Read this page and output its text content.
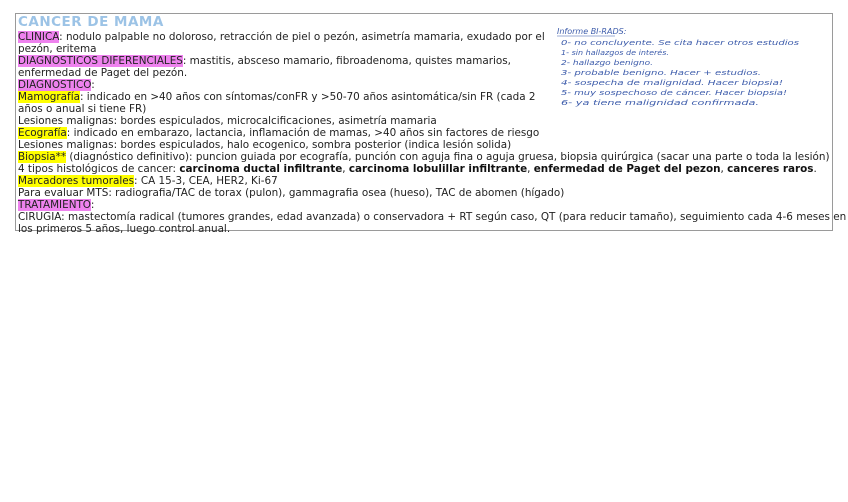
CANCER DE MAMA
CLINICA: nodulo palpable no doloroso, retracción de piel o pezón, asimetría mamaria, exudado por el
pezón, eritema
DIAGNOSTICOS DIFERENCIALES: mastitis, absceso mamario, fibroadenoma, quistes mamarios,
enfermedad de Paget del pezón.
DIAGNOSTICO:
Mamografía: indicado en >40 años con síntomas/conFR y >50-70 años asintomática/sin FR (cada 2
años o anual si tiene FR)
Lesiones malignas: bordes espiculados, microcalcificaciones, asimetría mamaria
Ecografía: indicado en embarazo, lactancia, inflamación de mamas, >40 años sin factores de riesgo
Lesiones malignas: bordes espiculados, halo ecogenico, sombra posterior (indica lesión solida)
Biopsia** (diagnóstico definitivo): puncion guiada por ecografía, punción con aguja fina o aguja gruesa, biopsia quirúrgica (sacar una parte o toda la lesión)
4 tipos histológicos de cancer: carcinoma ductal infiltrante, carcinoma lobulillar infiltrante, enfermedad de Paget del pezon, canceres raros.
Marcadores tumorales: CA 15-3, CEA, HER2, Ki-67
Para evaluar MTS: radiografia/TAC de torax (pulon), gammagrafia osea (hueso), TAC de abomen (hígado)
TRATAMIENTO:
CIRUGIA: mastectomía radical (tumores grandes, edad avanzada) o conservadora + RT según caso, QT (para reducir tamaño), seguimiento cada 4-6 meses en
los primeros 5 años, luego control anual.
Informe BI-RADS:
0- no concluyente. Se cita hacer otros estudios
1- sin hallazgos de interés.
2- hallazgo benigno.
3- probable benigno. Hacer + estudios.
4- sospecha de malignidad. Hacer biopsia!
5- muy sospechoso de cáncer. Hacer biopsia!
6- ya tiene malignidad confirmada.
